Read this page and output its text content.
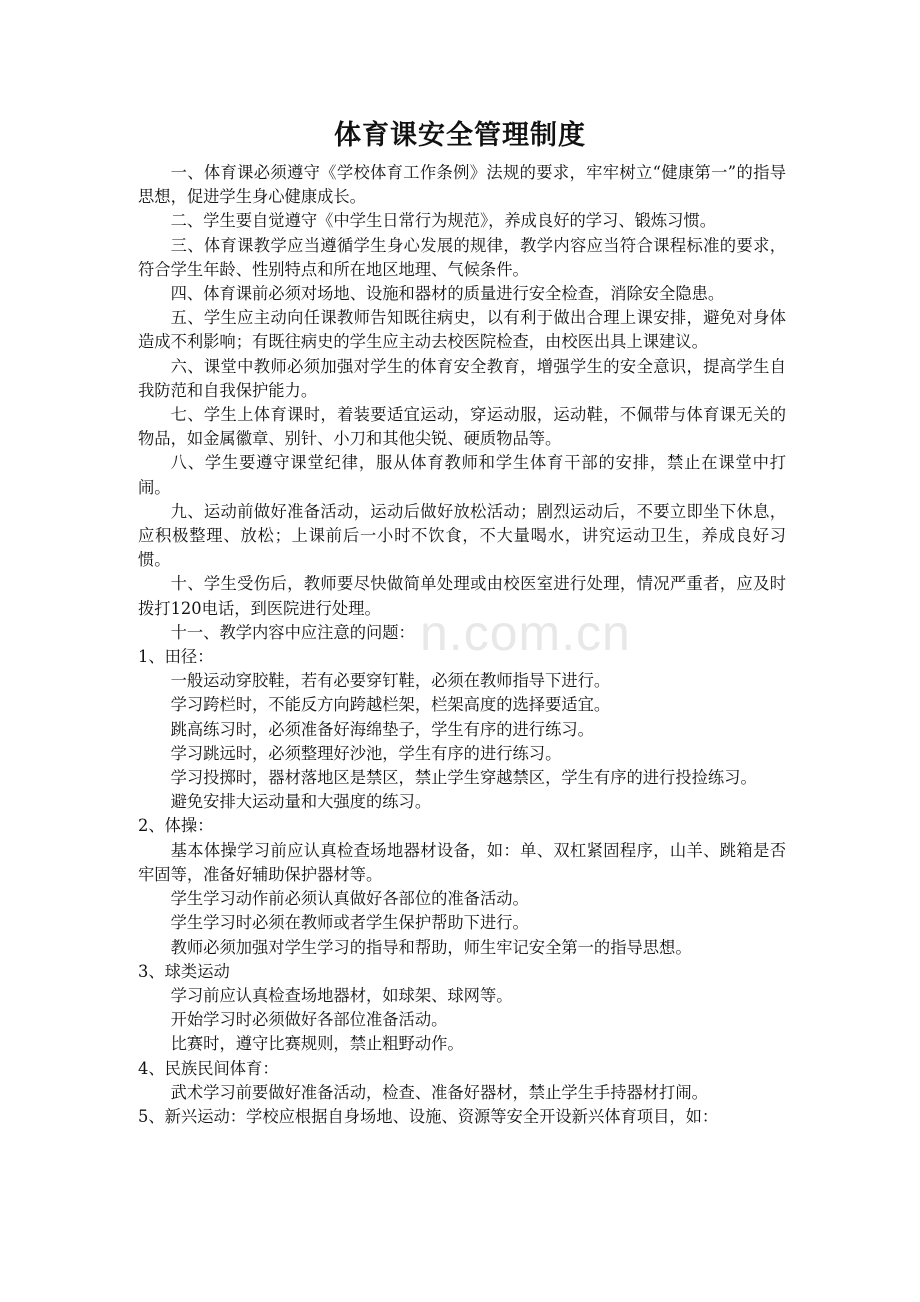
体育课安全管理制度

一、体育课必须遵守《学校体育工作条例》法规的要求，牢牢树立“健康第一”的指导思想，促进学生身心健康成长。

二、学生要自觉遵守《中学生日常行为规范》，养成良好的学习、锻炼习惯。

三、体育课教学应当遵循学生身心发展的规律，教学内容应当符合课程标准的要求，符合学生年龄、性别特点和所在地区地理、气候条件。

四、体育课前必须对场地、设施和器材的质量进行安全检查，消除安全隐患。

五、学生应主动向任课教师告知既往病史，以有利于做出合理上课安排，避免对身体造成不利影响；有既往病史的学生应主动去校医院检查，由校医出具上课建议。

六、课堂中教师必须加强对学生的体育安全教育，增强学生的安全意识，提高学生自我防范和自我保护能力。

七、学生上体育课时，着装要适宜运动，穿运动服，运动鞋，不佩带与体育课无关的物品，如金属徽章、别针、小刀和其他尖锐、硬质物品等。

八、学生要遵守课堂纪律，服从体育教师和学生体育干部的安排，禁止在课堂中打闹。

九、运动前做好准备活动，运动后做好放松活动；剧烈运动后，不要立即坐下休息，应积极整理、放松；上课前后一小时不饮食，不大量喝水，讲究运动卫生，养成良好习惯。

十、学生受伤后，教师要尽快做简单处理或由校医室进行处理，情况严重者，应及时拨打120电话，到医院进行处理。

十一、教学内容中应注意的问题：

1、田径：

一般运动穿胶鞋，若有必要穿钉鞋，必须在教师指导下进行。

学习跨栏时，不能反方向跨越栏架，栏架高度的选择要适宜。

跳高练习时，必须准备好海绵垫子，学生有序的进行练习。

学习跳远时，必须整理好沙池，学生有序的进行练习。

学习投掷时，器材落地区是禁区，禁止学生穿越禁区，学生有序的进行投捡练习。

避免安排大运动量和大强度的练习。

2、体操：

基本体操学习前应认真检查场地器材设备，如：单、双杠紧固程序，山羊、跳箱是否牢固等，准备好辅助保护器材等。

学生学习动作前必须认真做好各部位的准备活动。

学生学习时必须在教师或者学生保护帮助下进行。

教师必须加强对学生学习的指导和帮助，师生牢记安全第一的指导思想。

3、球类运动

学习前应认真检查场地器材，如球架、球网等。

开始学习时必须做好各部位准备活动。

比赛时，遵守比赛规则，禁止粗野动作。

4、民族民间体育：

武术学习前要做好准备活动，检查、准备好器材，禁止学生手持器材打闹。

5、新兴运动：学校应根据自身场地、设施、资源等安全开设新兴体育项目，如：

n.com.cn
